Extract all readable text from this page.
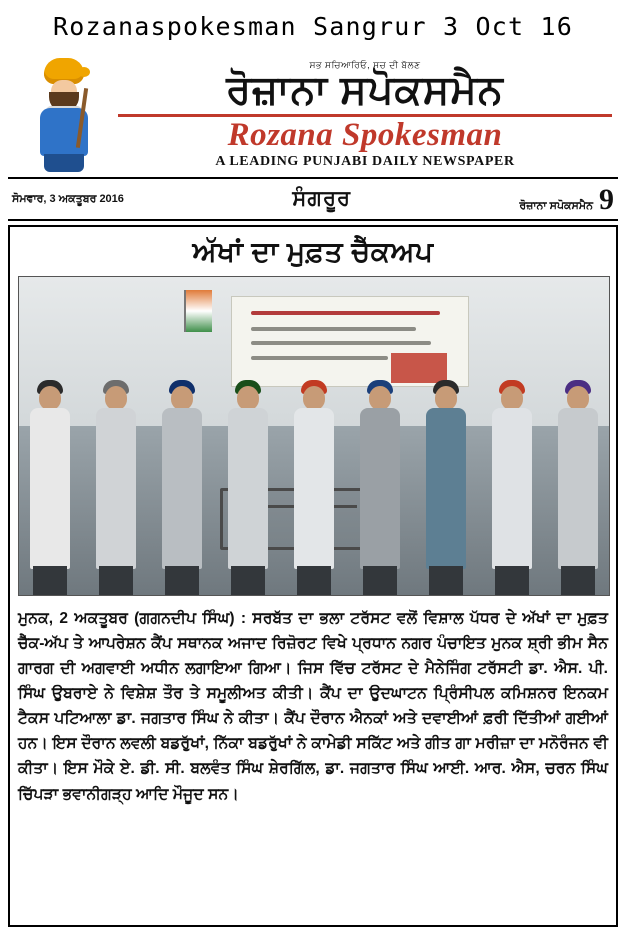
Rozanaspokesman Sangrur 3 Oct 16
ਸਭ ਸਚਿਆਰਿਓ, ਸਚ ਦੀ ਬੋਲਣ
ਰੋਜ਼ਾਨਾ ਸਪੋਕਸਮੈਨ
Rozana Spokesman
A LEADING PUNJABI DAILY NEWSPAPER
ਸੋਮਵਾਰ, 3 ਅਕਤੂਬਰ 2016	ਸੰਗਰੂਰ	ਰੋਜ਼ਾਨਾ ਸਪੋਕਸਮੈਨ 9
ਅੱਖਾਂ ਦਾ ਮੁਫ਼ਤ ਚੈੱਕਅਪ
ਮੁਨਕ, 2 ਅਕਤੂਬਰ (ਗਗਨਦੀਪ ਸਿੰਘ) : ਸਰਬੱਤ ਦਾ ਭਲਾ ਟਰੱਸਟ ਵਲੋਂ ਵਿਸ਼ਾਲ ਪੱਧਰ ਦੇ ਅੱਖਾਂ ਦਾ ਮੁਫ਼ਤ ਚੈੱਕ-ਅੱਪ ਤੇ ਆਪਰੇਸ਼ਨ ਕੈਂਪ ਸਥਾਨਕ ਅਜਾਦ ਰਿਜ਼ੋਰਟ ਵਿਖੇ ਪ੍ਰਧਾਨ ਨਗਰ ਪੰਚਾਇਤ ਮੁਨਕ ਸ਼੍ਰੀ ਭੀਮ ਸੈਨ ਗਾਰਗ ਦੀ ਅਗਵਾਈ ਅਧੀਨ ਲਗਾਇਆ ਗਿਆ। ਜਿਸ ਵਿੱਚ ਟਰੱਸਟ ਦੇ ਮੈਨੇਜਿੰਗ ਟਰੱਸਟੀ ਡਾ. ਐਸ. ਪੀ. ਸਿੰਘ ਉਬਰਾਏ ਨੇ ਵਿਸ਼ੇਸ਼ ਤੌਰ ਤੇ ਸਮੂਲੀਅਤ ਕੀਤੀ। ਕੈਂਪ ਦਾ ਉਦਘਾਟਨ ਪ੍ਰਿੰਸੀਪਲ ਕਮਿਸ਼ਨਰ ਇਨਕਮ ਟੈਕਸ ਪਟਿਆਲਾ ਡਾ. ਜਗਤਾਰ ਸਿੰਘ ਨੇ ਕੀਤਾ। ਕੈਂਪ ਦੌਰਾਨ ਐਨਕਾਂ ਅਤੇ ਦਵਾਈਆਂ ਫ਼ਰੀ ਦਿੱਤੀਆਂ ਗਈਆਂ ਹਨ। ਇਸ ਦੌਰਾਨ ਲਵਲੀ ਬਡਰੁੱਖਾਂ, ਨਿੱਕਾ ਬਡਰੁੱਖਾਂ ਨੇ ਕਾਮੇਡੀ ਸਕਿੱਟ ਅਤੇ ਗੀਤ ਗਾ ਮਰੀਜ਼ਾ ਦਾ ਮਨੋਰੰਜਨ ਵੀ ਕੀਤਾ। ਇਸ ਮੌਕੇ ਏ. ਡੀ. ਸੀ. ਬਲਵੰਤ ਸਿੰਘ ਸ਼ੇਰਗਿੱਲ, ਡਾ. ਜਗਤਾਰ ਸਿੰਘ ਆਈ. ਆਰ. ਐਸ, ਚਰਨ ਸਿੰਘ ਚਿੱਪੜਾ ਭਵਾਨੀਗੜ੍ਹ ਆਦਿ ਮੌਜੂਦ ਸਨ।
